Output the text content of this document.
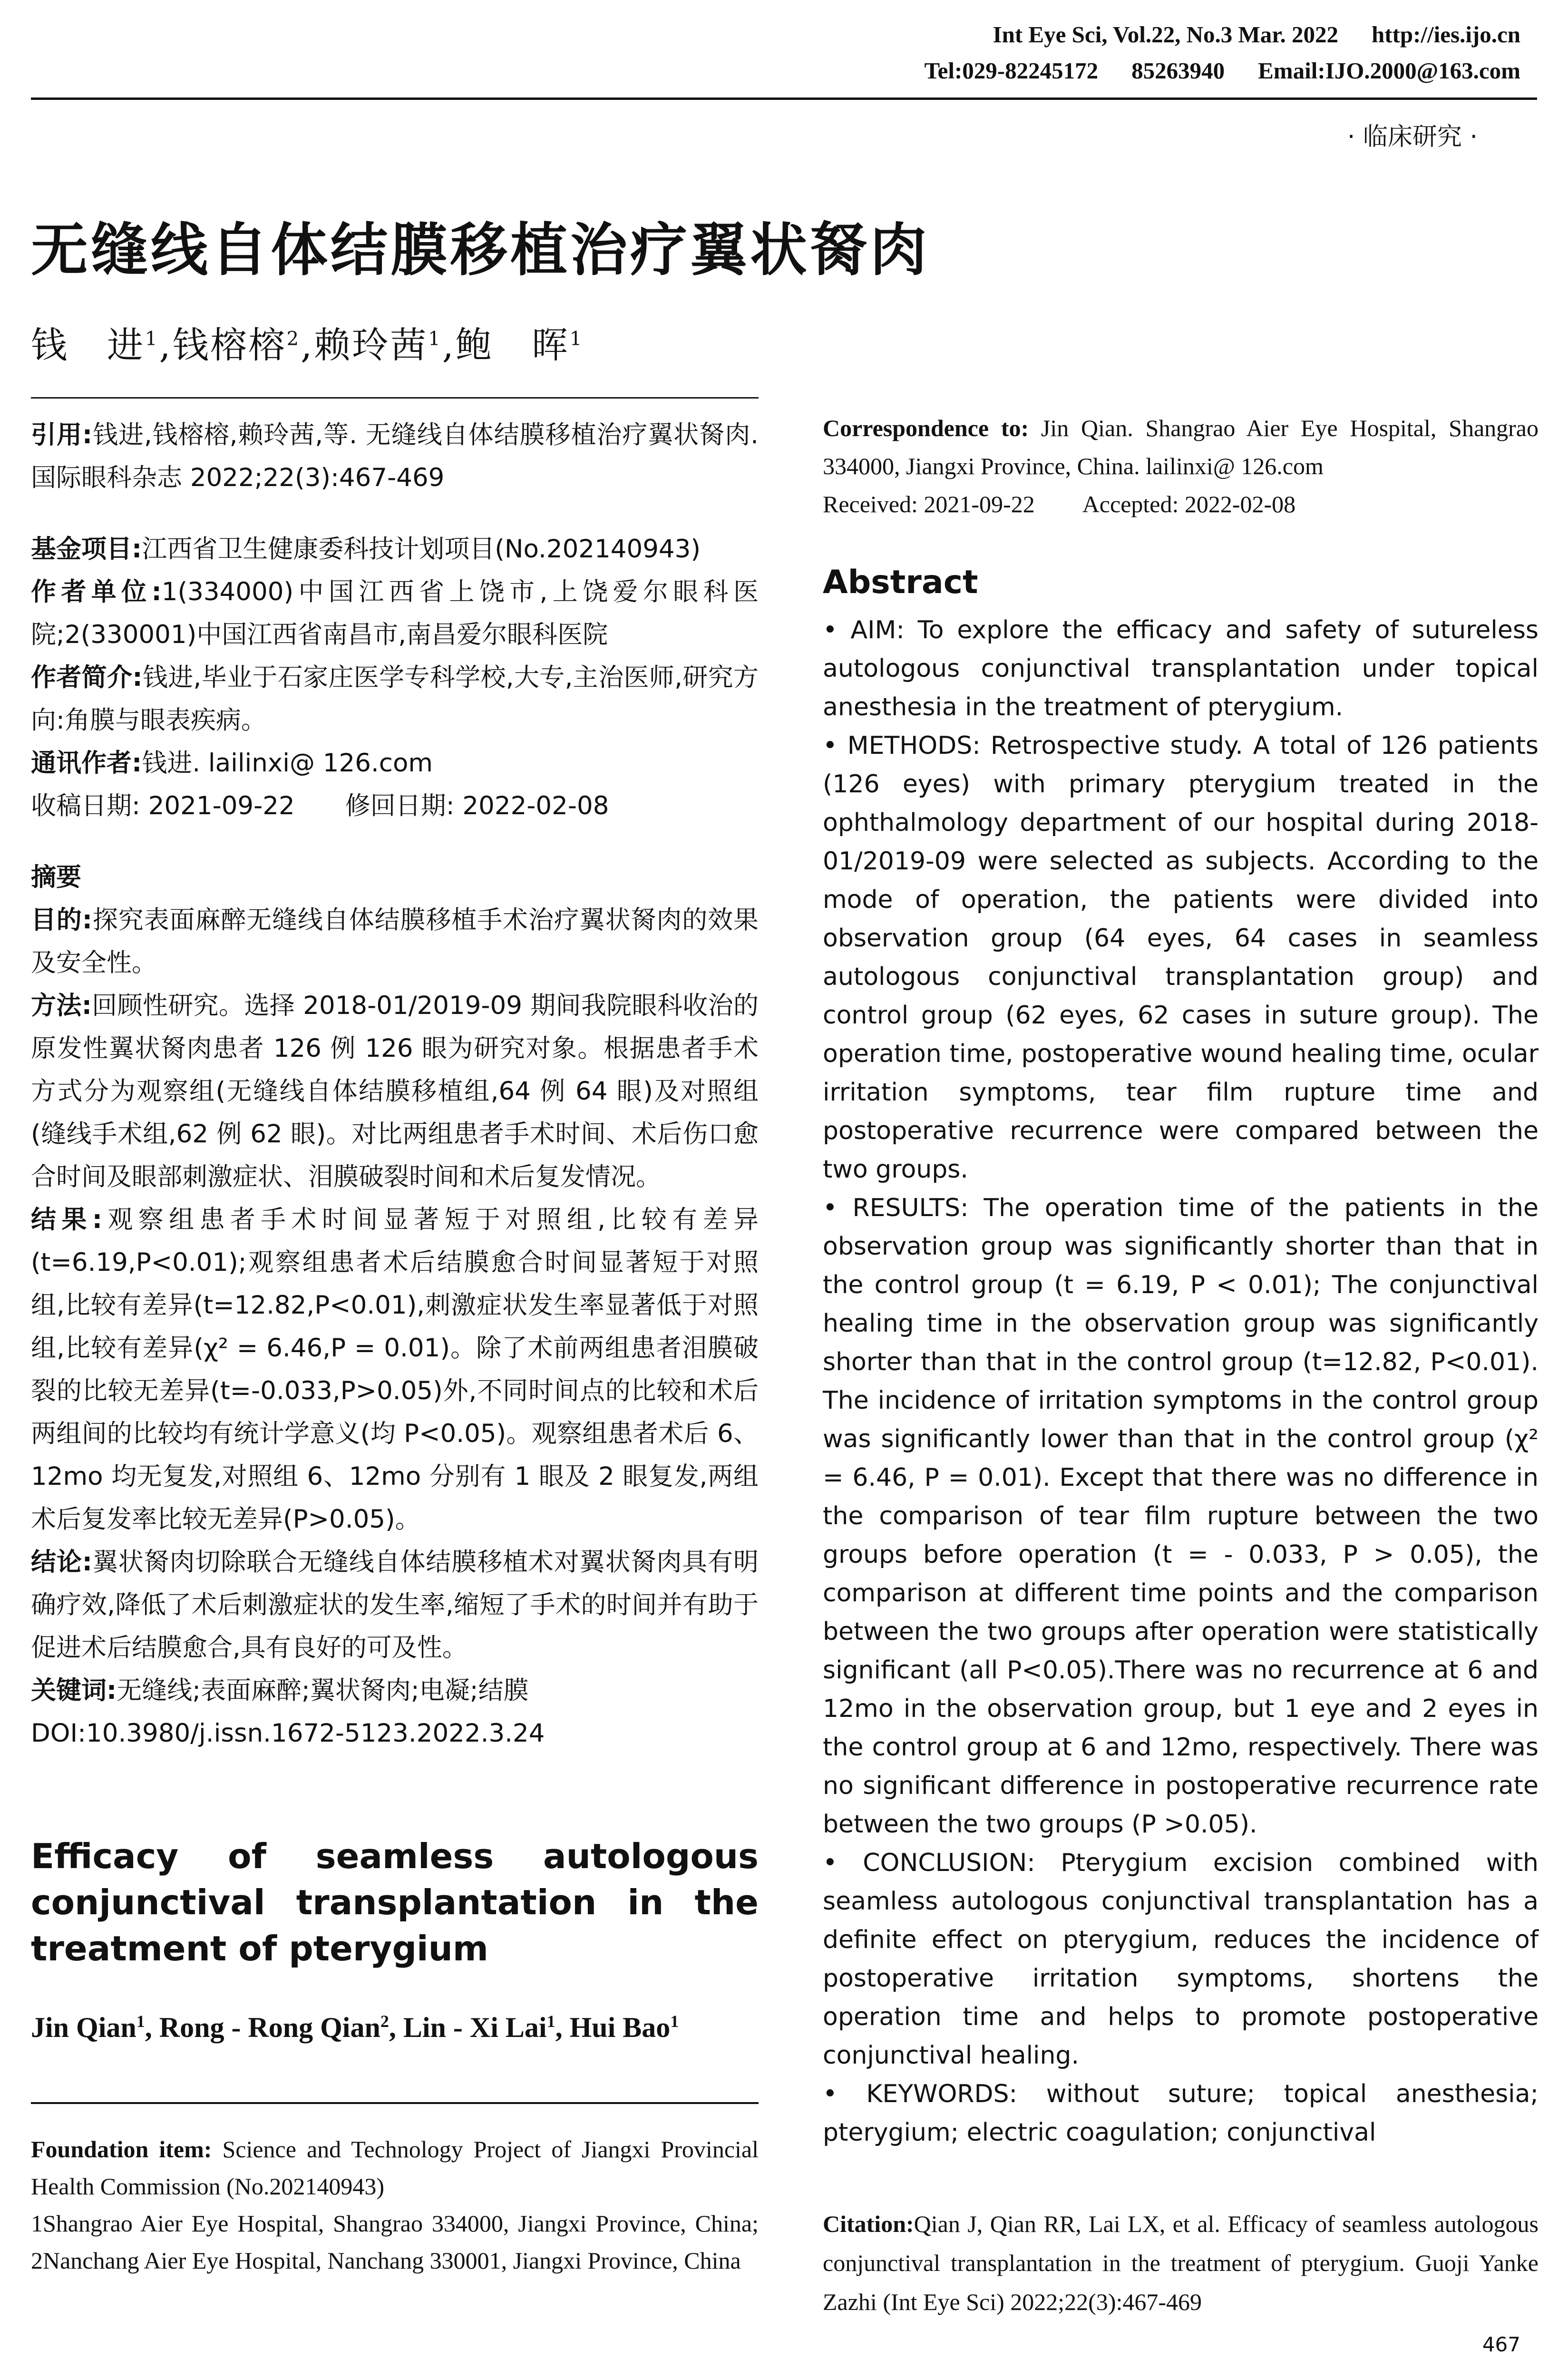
Int Eye Sci, Vol.22, No.3 Mar. 2022 http://ies.ijo.cn
Tel:029-82245172 85263940 Email:IJO.2000@163.com
· 临床研究 ·
无缝线自体结膜移植治疗翼状胬肉
钱　进$^1$,钱榕榕$^2$,赖玲茜$^1$,鲍　晖$^1$

引用:钱进,钱榕榕,赖玲茜,等. 无缝线自体结膜移植治疗翼状胬肉. 国际眼科杂志 2022;22(3):467-469

基金项目:江西省卫生健康委科技计划项目(No.202140943)

作者单位:1(334000)中国江西省上饶市,上饶爱尔眼科医院;2(330001)中国江西省南昌市,南昌爱尔眼科医院

作者简介:钱进,毕业于石家庄医学专科学校,大专,主治医师,研究方向:角膜与眼表疾病。

通讯作者:钱进. lailinxi@ 126.com

收稿日期: 2021-09-22　　修回日期: 2022-02-08

摘要

目的:探究表面麻醉无缝线自体结膜移植手术治疗翼状胬肉的效果及安全性。

方法:回顾性研究。选择 2018-01/2019-09 期间我院眼科收治的原发性翼状胬肉患者 126 例 126 眼为研究对象。根据患者手术方式分为观察组(无缝线自体结膜移植组,64 例 64 眼)及对照组(缝线手术组,62 例 62 眼)。对比两组患者手术时间、术后伤口愈合时间及眼部刺激症状、泪膜破裂时间和术后复发情况。

结果:观察组患者手术时间显著短于对照组,比较有差异(t=6.19,P<0.01);观察组患者术后结膜愈合时间显著短于对照组,比较有差异(t=12.82,P<0.01),刺激症状发生率显著低于对照组,比较有差异(χ² = 6.46,P = 0.01)。除了术前两组患者泪膜破裂的比较无差异(t=-0.033,P>0.05)外,不同时间点的比较和术后两组间的比较均有统计学意义(均 P<0.05)。观察组患者术后 6、12mo 均无复发,对照组 6、12mo 分别有 1 眼及 2 眼复发,两组术后复发率比较无差异(P>0.05)。

结论:翼状胬肉切除联合无缝线自体结膜移植术对翼状胬肉具有明确疗效,降低了术后刺激症状的发生率,缩短了手术的时间并有助于促进术后结膜愈合,具有良好的可及性。

关键词:无缝线;表面麻醉;翼状胬肉;电凝;结膜

DOI:10.3980/j.issn.1672-5123.2022.3.24

Efficacy of seamless autologous conjunctival transplantation in the treatment of pterygium
Jin Qian$^1$, Rong - Rong Qian$^2$, Lin - Xi Lai$^1$, Hui Bao$^1$

Foundation item: Science and Technology Project of Jiangxi Provincial Health Commission (No.202140943)

1Shangrao Aier Eye Hospital, Shangrao 334000, Jiangxi Province, China; 2Nanchang Aier Eye Hospital, Nanchang 330001, Jiangxi Province, China

Correspondence to: Jin Qian. Shangrao Aier Eye Hospital, Shangrao 334000, Jiangxi Province, China. lailinxi@ 126.com

Received: 2021-09-22　　Accepted: 2022-02-08

Abstract

• AIM: To explore the efficacy and safety of sutureless autologous conjunctival transplantation under topical anesthesia in the treatment of pterygium.

• METHODS: Retrospective study. A total of 126 patients (126 eyes) with primary pterygium treated in the ophthalmology department of our hospital during 2018-01/2019-09 were selected as subjects. According to the mode of operation, the patients were divided into observation group (64 eyes, 64 cases in seamless autologous conjunctival transplantation group) and control group (62 eyes, 62 cases in suture group). The operation time, postoperative wound healing time, ocular irritation symptoms, tear film rupture time and postoperative recurrence were compared between the two groups.

• RESULTS: The operation time of the patients in the observation group was significantly shorter than that in the control group (t = 6.19, P < 0.01); The conjunctival healing time in the observation group was significantly shorter than that in the control group (t=12.82, P<0.01). The incidence of irritation symptoms in the control group was significantly lower than that in the control group (χ² = 6.46, P = 0.01). Except that there was no difference in the comparison of tear film rupture between the two groups before operation (t = - 0.033, P > 0.05), the comparison at different time points and the comparison between the two groups after operation were statistically significant (all P<0.05).There was no recurrence at 6 and 12mo in the observation group, but 1 eye and 2 eyes in the control group at 6 and 12mo, respectively. There was no significant difference in postoperative recurrence rate between the two groups (P >0.05).

• CONCLUSION: Pterygium excision combined with seamless autologous conjunctival transplantation has a definite effect on pterygium, reduces the incidence of postoperative irritation symptoms, shortens the operation time and helps to promote postoperative conjunctival healing.

• KEYWORDS: without suture; topical anesthesia; pterygium; electric coagulation; conjunctival

Citation:Qian J, Qian RR, Lai LX, et al. Efficacy of seamless autologous conjunctival transplantation in the treatment of pterygium. Guoji Yanke Zazhi (Int Eye Sci) 2022;22(3):467-469

467
